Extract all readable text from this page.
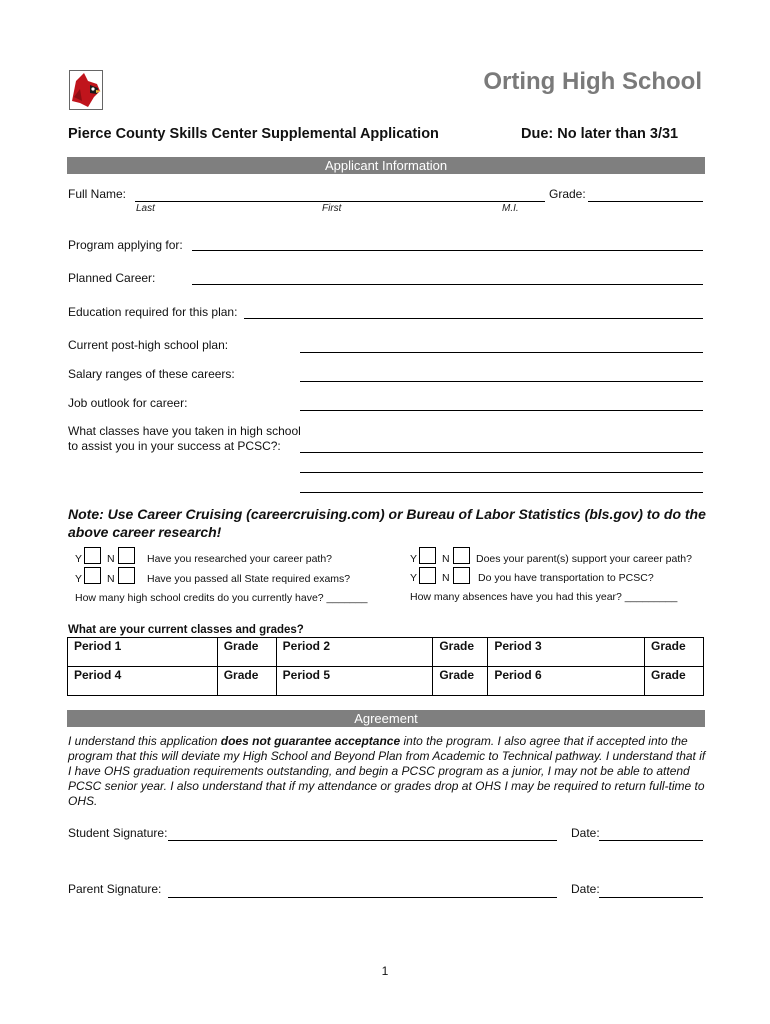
Orting High School
Pierce County Skills Center Supplemental Application	Due: No later than 3/31
Applicant Information
Full Name:
Last	First	M.I.
Grade:
Program applying for:
Planned Career:
Education required for this plan:
Current post-high school plan:
Salary ranges of these careers:
Job outlook for career:
What classes have you taken in high school
to assist you in your success at PCSC?:
Note: Use Career Cruising (careercruising.com) or Bureau of Labor Statistics (bls.gov) to do the above career research!
Y N	Have you researched your career path?
Y N	Have you passed all State required exams?
How many high school credits do you currently have? _______
Y N	Does your parent(s) support your career path?
Y N	Do you have transportation to PCSC?
How many absences have you had this year? _________
What are your current classes and grades?
Period 1	Grade	Period 2	Grade	Period 3	Grade
Period 4	Grade	Period 5	Grade	Period 6	Grade
Agreement
I understand this application does not guarantee acceptance into the program. I also agree that if accepted into the program that this will deviate my High School and Beyond Plan from Academic to Technical pathway. I understand that if I have OHS graduation requirements outstanding, and begin a PCSC program as a junior, I may not be able to attend PCSC senior year. I also understand that if my attendance or grades drop at OHS I may be required to return full-time to OHS.
Student Signature:	Date:
Parent Signature:	Date:
1
